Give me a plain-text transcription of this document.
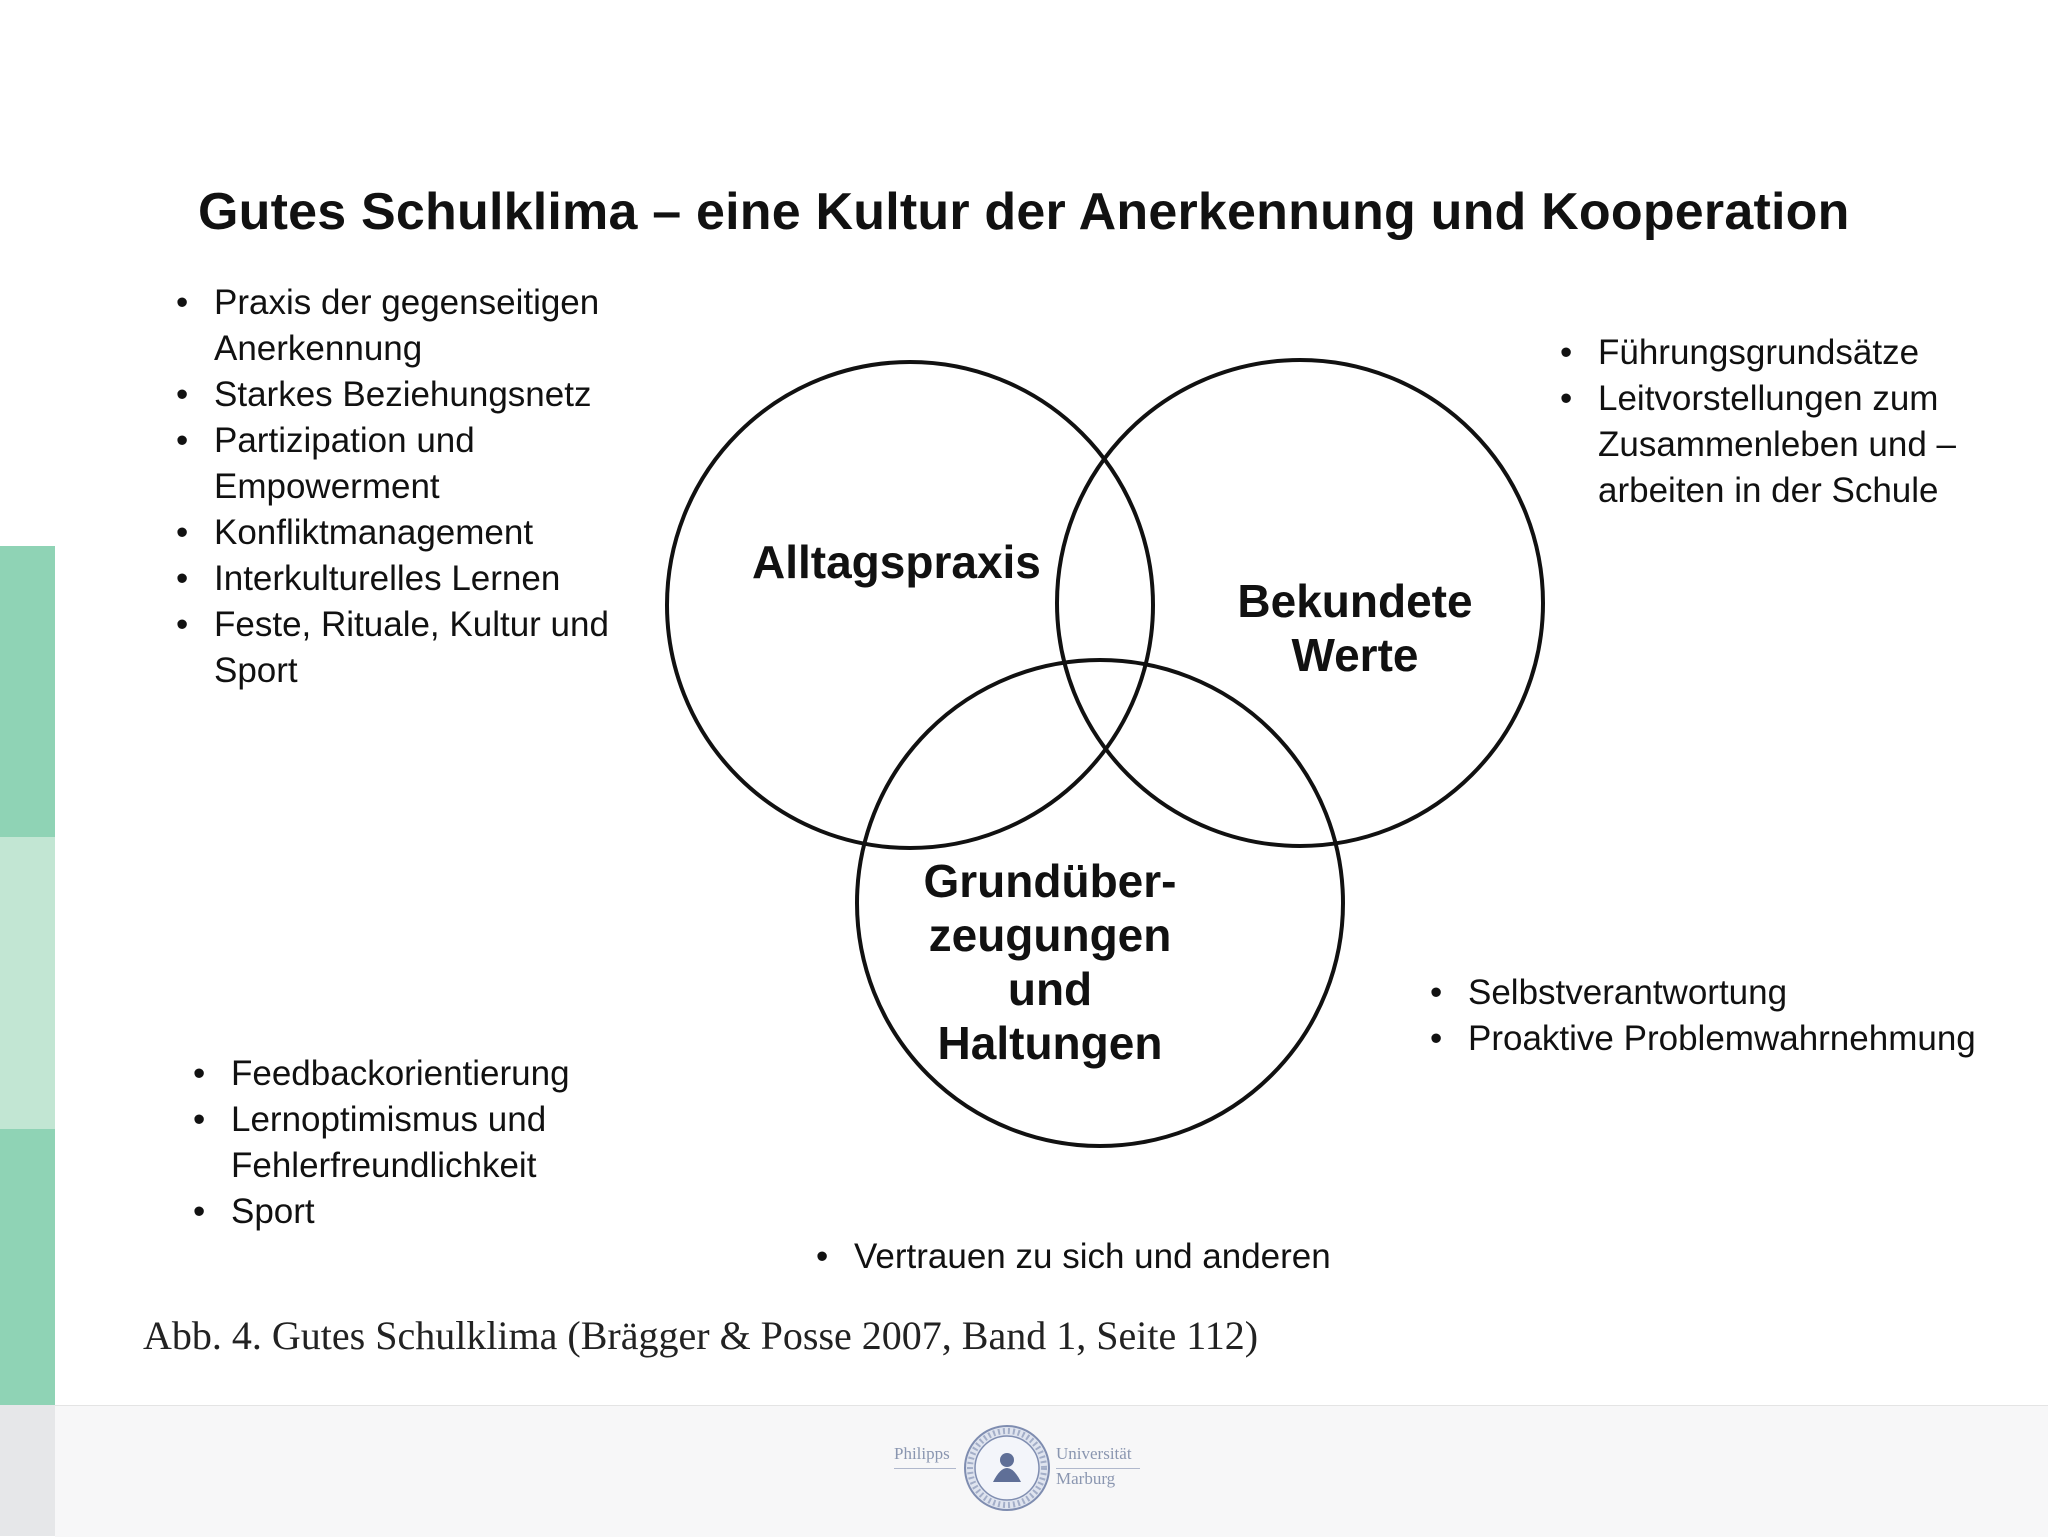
Gutes Schulklima – eine Kultur der Anerkennung und Kooperation
Alltagspraxis
Bekundete
Werte
Grundüber-
zeugungen
und
Haltungen
• Praxis der gegenseitigen Anerkennung
• Starkes Beziehungsnetz
• Partizipation und Empowerment
• Konfliktmanagement
• Interkulturelles Lernen
• Feste, Rituale, Kultur und Sport
• Führungsgrundsätze
• Leitvorstellungen zum Zusammenleben und –arbeiten in der Schule
• Feedbackorientierung
• Lernoptimismus und Fehlerfreundlichkeit
• Sport
• Selbstverantwortung
• Proaktive Problemwahrnehmung
• Vertrauen zu sich und anderen
Abb. 4. Gutes Schulklima (Brägger & Posse 2007, Band 1, Seite 112)
Philipps	Universität
Marburg
